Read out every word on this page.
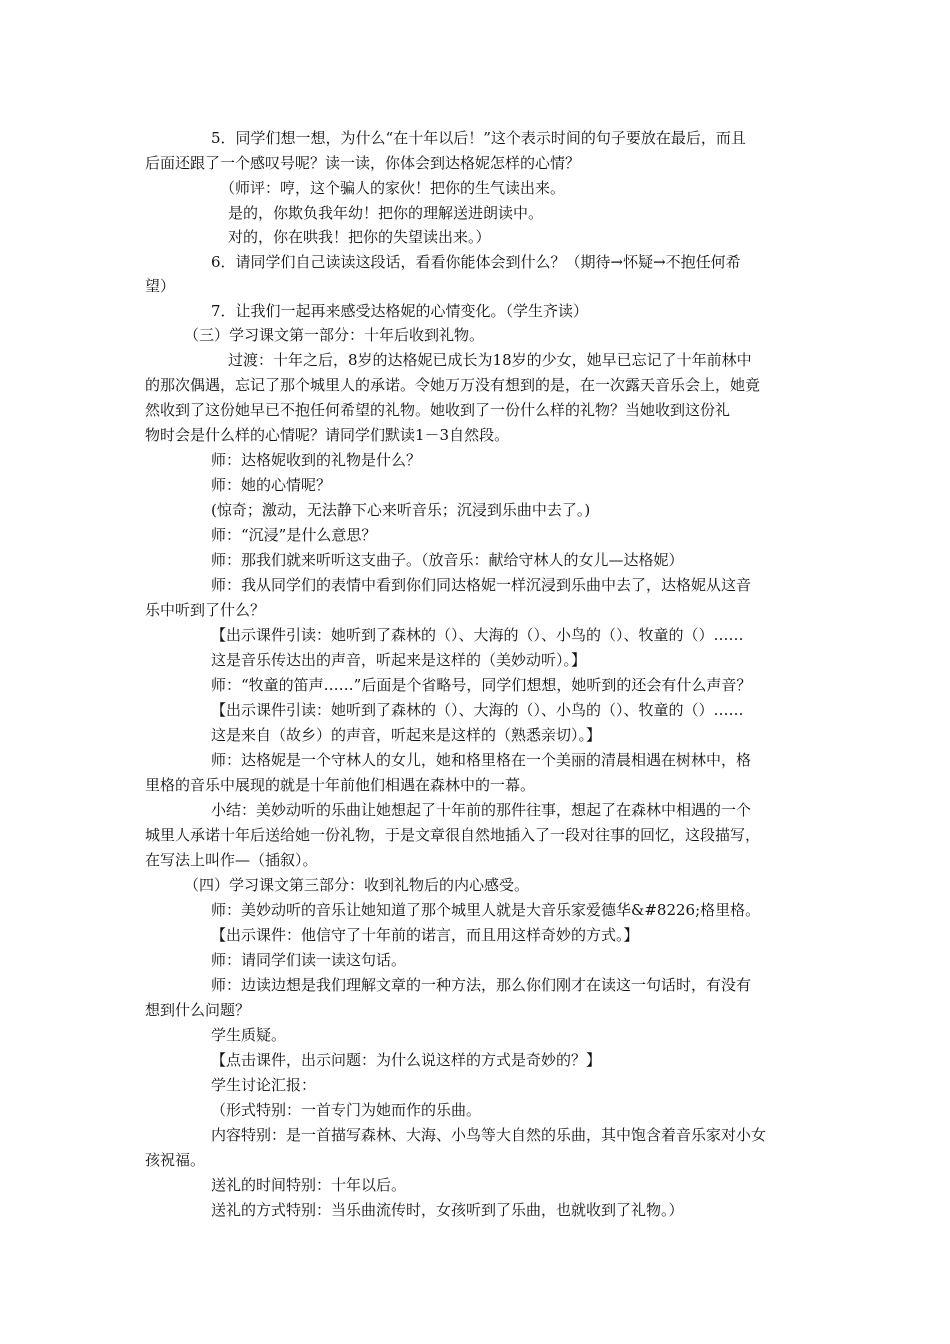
5．同学们想一想，为什么“在十年以后！”这个表示时间的句子要放在最后，而且
后面还跟了一个感叹号呢？读一读，你体会到达格妮怎样的心情？
（师评：哼，这个骗人的家伙！把你的生气读出来。
是的，你欺负我年幼！把你的理解送进朗读中。
对的，你在哄我！把你的失望读出来。）
6．请同学们自己读读这段话，看看你能体会到什么？（期待→怀疑→不抱任何希
望）
7．让我们一起再来感受达格妮的心情变化。（学生齐读）
（三）学习课文第一部分：十年后收到礼物。
过渡：十年之后，8岁的达格妮已成长为18岁的少女，她早已忘记了十年前林中
的那次偶遇，忘记了那个城里人的承诺。令她万万没有想到的是，在一次露天音乐会上，她竟
然收到了这份她早已不抱任何希望的礼物。她收到了一份什么样的礼物？当她收到这份礼
物时会是什么样的心情呢？请同学们默读1－3自然段。
师：达格妮收到的礼物是什么？
师：她的心情呢？
(惊奇；激动，无法静下心来听音乐；沉浸到乐曲中去了。)
师：“沉浸”是什么意思？
师：那我们就来听听这支曲子。（放音乐：献给守林人的女儿—达格妮）
师：我从同学们的表情中看到你们同达格妮一样沉浸到乐曲中去了，达格妮从这音
乐中听到了什么？
【出示课件引读：她听到了森林的（）、大海的（）、小鸟的（）、牧童的（）……
这是音乐传达出的声音，听起来是这样的（美妙动听）。】
师：“牧童的笛声……”后面是个省略号，同学们想想，她听到的还会有什么声音？
【出示课件引读：她听到了森林的（）、大海的（）、小鸟的（）、牧童的（）……
这是来自（故乡）的声音，听起来是这样的（熟悉亲切）。】
师：达格妮是一个守林人的女儿，她和格里格在一个美丽的清晨相遇在树林中，格
里格的音乐中展现的就是十年前他们相遇在森林中的一幕。
小结：美妙动听的乐曲让她想起了十年前的那件往事，想起了在森林中相遇的一个
城里人承诺十年后送给她一份礼物，于是文章很自然地插入了一段对往事的回忆，这段描写，
在写法上叫作—（插叙）。
（四）学习课文第三部分：收到礼物后的内心感受。
师：美妙动听的音乐让她知道了那个城里人就是大音乐家爱德华&#8226;格里格。
【出示课件：他信守了十年前的诺言，而且用这样奇妙的方式。】
师：请同学们读一读这句话。
师：边读边想是我们理解文章的一种方法，那么你们刚才在读这一句话时，有没有
想到什么问题？
学生质疑。
【点击课件，出示问题：为什么说这样的方式是奇妙的？】
学生讨论汇报：
（形式特别：一首专门为她而作的乐曲。
内容特别：是一首描写森林、大海、小鸟等大自然的乐曲，其中饱含着音乐家对小女
孩祝福。
送礼的时间特别：十年以后。
送礼的方式特别：当乐曲流传时，女孩听到了乐曲，也就收到了礼物。）
